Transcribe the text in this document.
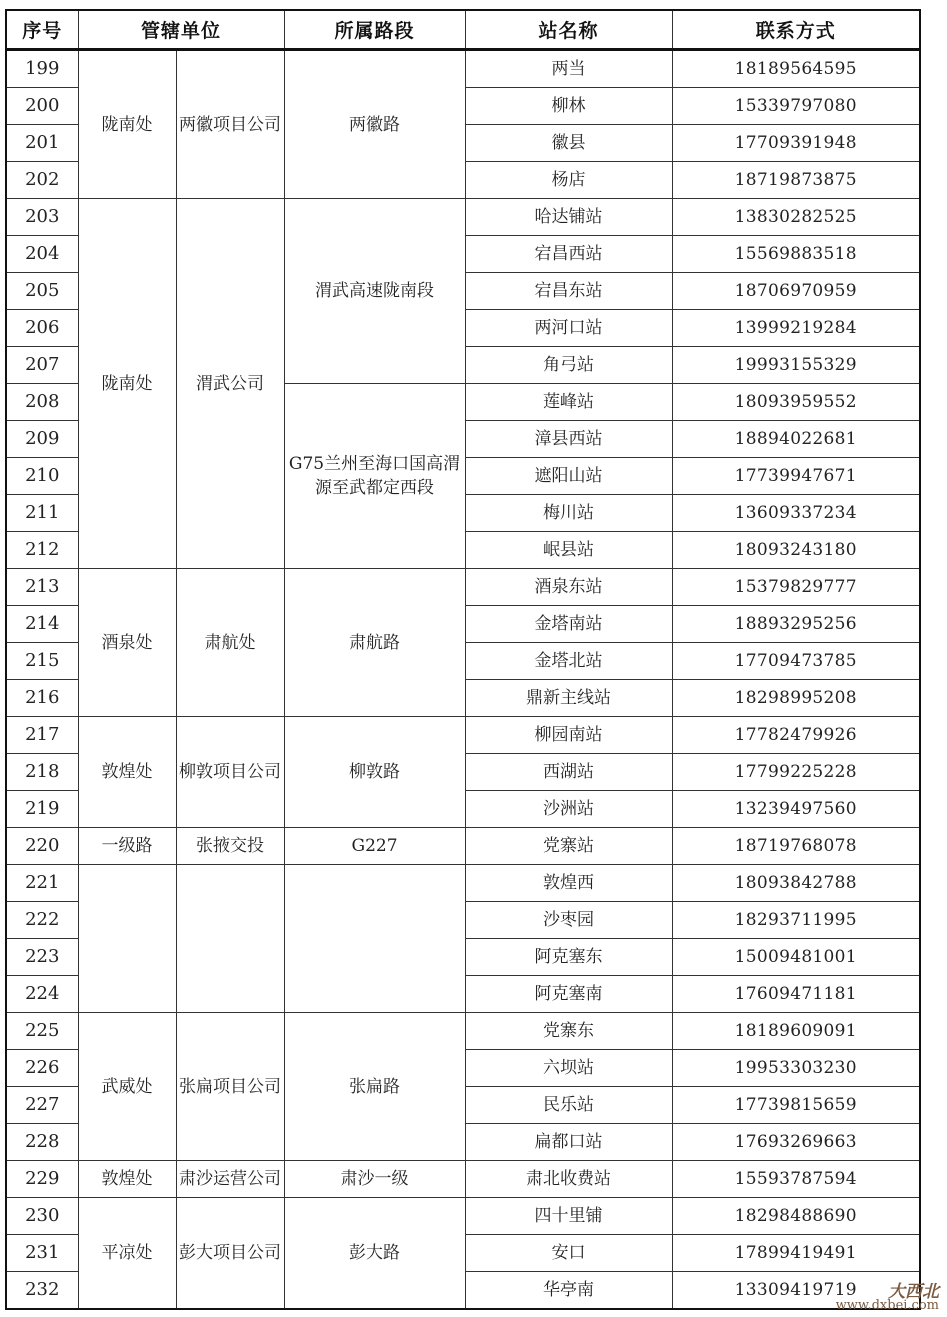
序号	管辖单位		所属路段	站名称	联系方式
199	陇南处	两徽项目公司	两徽路	两当	18189564595
200				柳林	15339797080
201				徽县	17709391948
202				杨店	18719873875
203	陇南处	渭武公司	渭武高速陇南段	哈达铺站	13830282525
204				宕昌西站	15569883518
205				宕昌东站	18706970959
206				两河口站	13999219284
207				角弓站	19993155329
208			G75兰州至海口国高渭源至武都定西段	莲峰站	18093959552
209				漳县西站	18894022681
210				遮阳山站	17739947671
211				梅川站	13609337234
212				岷县站	18093243180
213	酒泉处	肃航处	肃航路	酒泉东站	15379829777
214				金塔南站	18893295256
215				金塔北站	17709473785
216				鼎新主线站	18298995208
217	敦煌处	柳敦项目公司	柳敦路	柳园南站	17782479926
218				西湖站	17799225228
219				沙洲站	13239497560
220	一级路	张掖交投	G227	党寨站	18719768078
221				敦煌西	18093842788
222				沙枣园	18293711995
223				阿克塞东	15009481001
224				阿克塞南	17609471181
225	武威处	张扁项目公司	张扁路	党寨东	18189609091
226				六坝站	19953303230
227				民乐站	17739815659
228				扁都口站	17693269663
229	敦煌处	肃沙运营公司	肃沙一级	肃北收费站	15593787594
230	平凉处	彭大项目公司	彭大路	四十里铺	18298488690
231				安口	17899419491
232				华亭南	13309419719	大西北
www.dxbei.com
